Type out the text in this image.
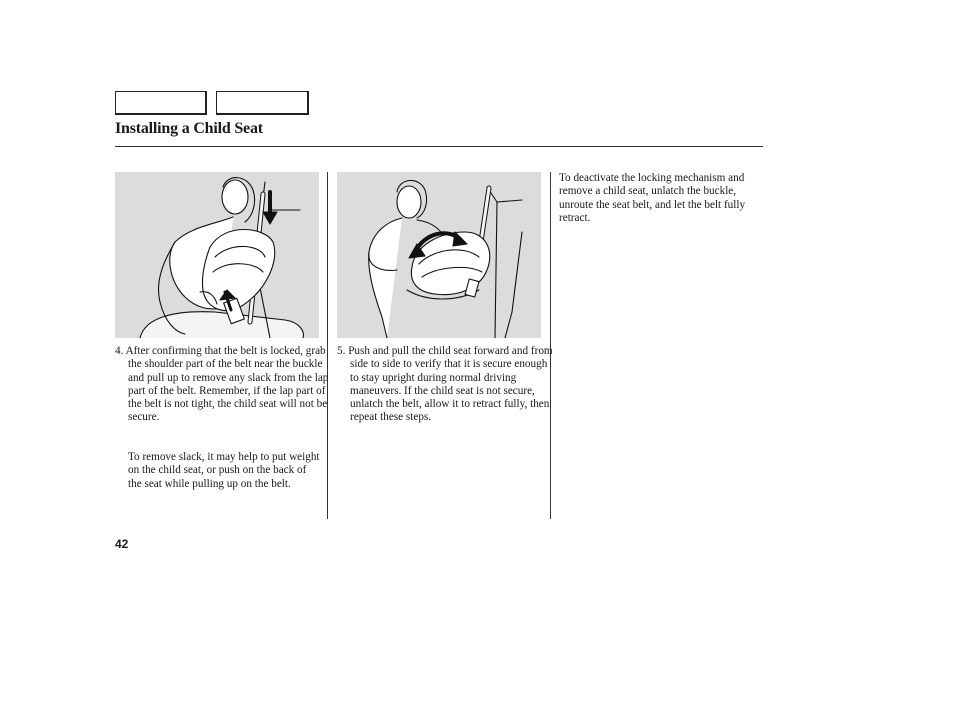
Installing a Child Seat

4. After confirming that the belt is locked, grab the shoulder part of the belt near the buckle and pull up to remove any slack from the lap part of the belt. Remember, if the lap part of the belt is not tight, the child seat will not be secure.

To remove slack, it may help to put weight on the child seat, or push on the back of the seat while pulling up on the belt.

5. Push and pull the child seat forward and from side to side to verify that it is secure enough to stay upright during normal driving maneuvers. If the child seat is not secure, unlatch the belt, allow it to retract fully, then repeat these steps.

To deactivate the locking mechanism and remove a child seat, unlatch the buckle, unroute the seat belt, and let the belt fully retract.

42
